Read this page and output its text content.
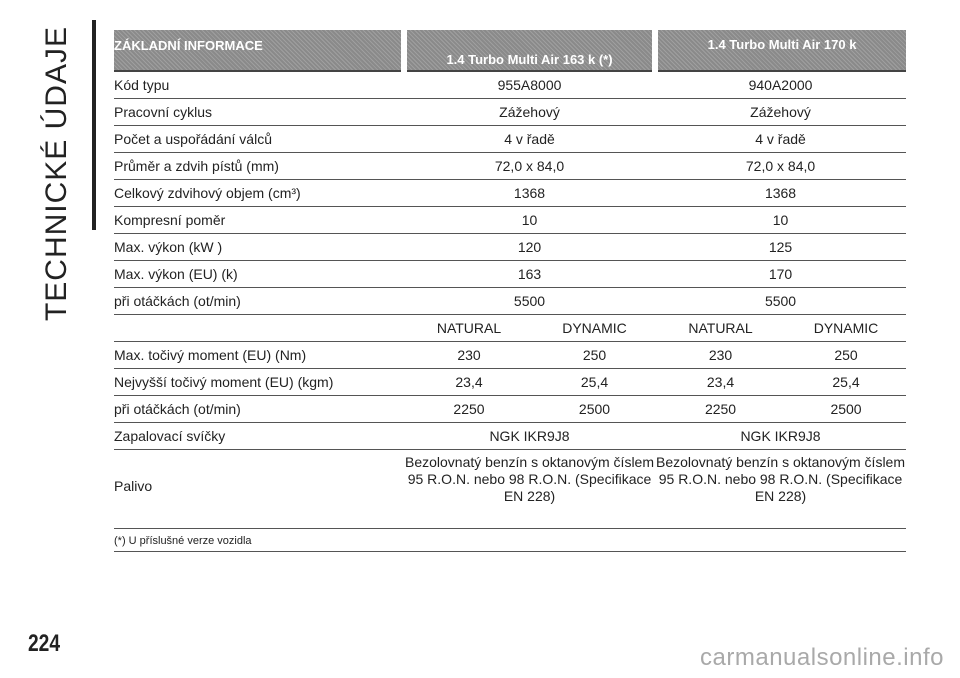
TECHNICKÉ ÚDAJE	ZÁKLADNÍ INFORMACE	1.4 Turbo Multi Air 163 k (*)		1.4 Turbo Multi Air 170 k	
Kód typu	955A8000		940A2000	
Pracovní cyklus	Zážehový		Zážehový	
Počet a uspořádání válců	4 v řadě		4 v řadě	
Průměr a zdvih pístů (mm)	72,0 x 84,0		72,0 x 84,0	
Celkový zdvihový objem (cm³)	1368		1368	
Kompresní poměr	10		10	
Max. výkon (kW )	120		125	
Max. výkon (EU) (k)	163		170	
při otáčkách (ot/min)	5500		5500	
	NATURAL	DYNAMIC	NATURAL	DYNAMIC
Max. točivý moment (EU) (Nm)	230	250	230	250
Nejvyšší točivý moment (EU) (kgm)	23,4	25,4	23,4	25,4
při otáčkách (ot/min)	2250	2500	2250	2500
Zapalovací svíčky	NGK IKR9J8		NGK IKR9J8	
Palivo	Bezolovnatý benzín s oktanovým číslem 95 R.O.N. nebo 98 R.O.N. (Specifikace EN 228)		Bezolovnatý benzín s oktanovým číslem 95 R.O.N. nebo 98 R.O.N. (Specifikace EN 228)	
(*) U příslušné verze vozidla				
224
carmanualsonline.info
